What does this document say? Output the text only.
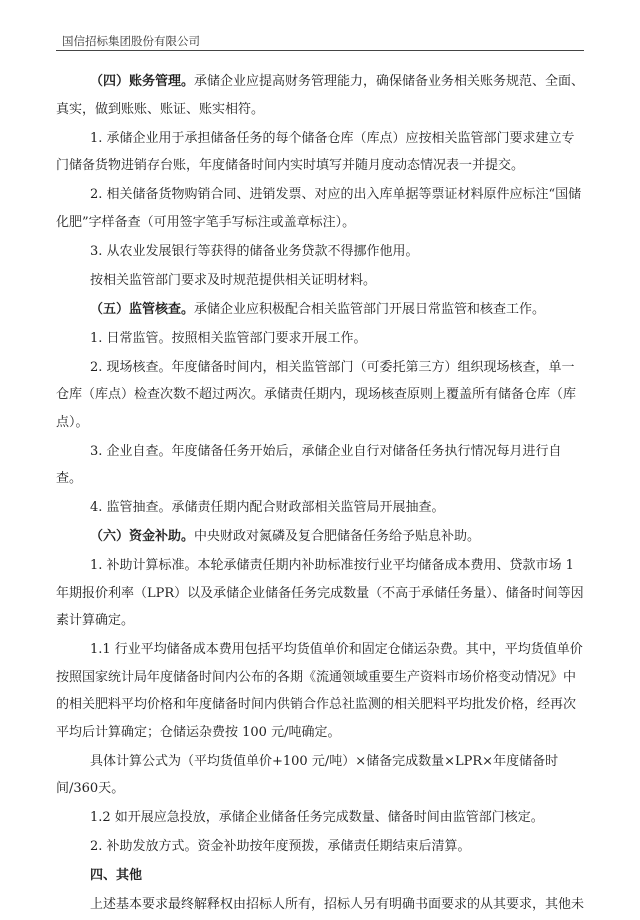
国信招标集团股份有限公司
（四）账务管理。承储企业应提高财务管理能力，确保储备业务相关账务规范、全面、真实，做到账账、账证、账实相符。
1. 承储企业用于承担储备任务的每个储备仓库（库点）应按相关监管部门要求建立专门储备货物进销存台账，年度储备时间内实时填写并随月度动态情况表一并提交。
2. 相关储备货物购销合同、进销发票、对应的出入库单据等票证材料原件应标注“国储化肥”字样备查（可用签字笔手写标注或盖章标注）。
3. 从农业发展银行等获得的储备业务贷款不得挪作他用。
按相关监管部门要求及时规范提供相关证明材料。
（五）监管核查。承储企业应积极配合相关监管部门开展日常监管和核查工作。
1. 日常监管。按照相关监管部门要求开展工作。
2. 现场核查。年度储备时间内，相关监管部门（可委托第三方）组织现场核查，单一仓库（库点）检查次数不超过两次。承储责任期内，现场核查原则上覆盖所有储备仓库（库点）。
3. 企业自查。年度储备任务开始后，承储企业自行对储备任务执行情况每月进行自查。
4. 监管抽查。承储责任期内配合财政部相关监管局开展抽查。
（六）资金补助。中央财政对氮磷及复合肥储备任务给予贴息补助。
1. 补助计算标准。本轮承储责任期内补助标准按行业平均储备成本费用、贷款市场 1 年期报价利率（LPR）以及承储企业储备任务完成数量（不高于承储任务量）、储备时间等因素计算确定。
1.1 行业平均储备成本费用包括平均货值单价和固定仓储运杂费。其中，平均货值单价按照国家统计局年度储备时间内公布的各期《流通领域重要生产资料市场价格变动情况》中的相关肥料平均价格和年度储备时间内供销合作总社监测的相关肥料平均批发价格，经再次平均后计算确定；仓储运杂费按 100 元/吨确定。
具体计算公式为（平均货值单价+100 元/吨）×储备完成数量×LPR×年度储备时间/360天。
1.2 如开展应急投放，承储企业储备任务完成数量、储备时间由监管部门核定。
2. 补助发放方式。资金补助按年度预拨，承储责任期结束后清算。
四、其他
上述基本要求最终解释权由招标人所有，招标人另有明确书面要求的从其要求，其他未
